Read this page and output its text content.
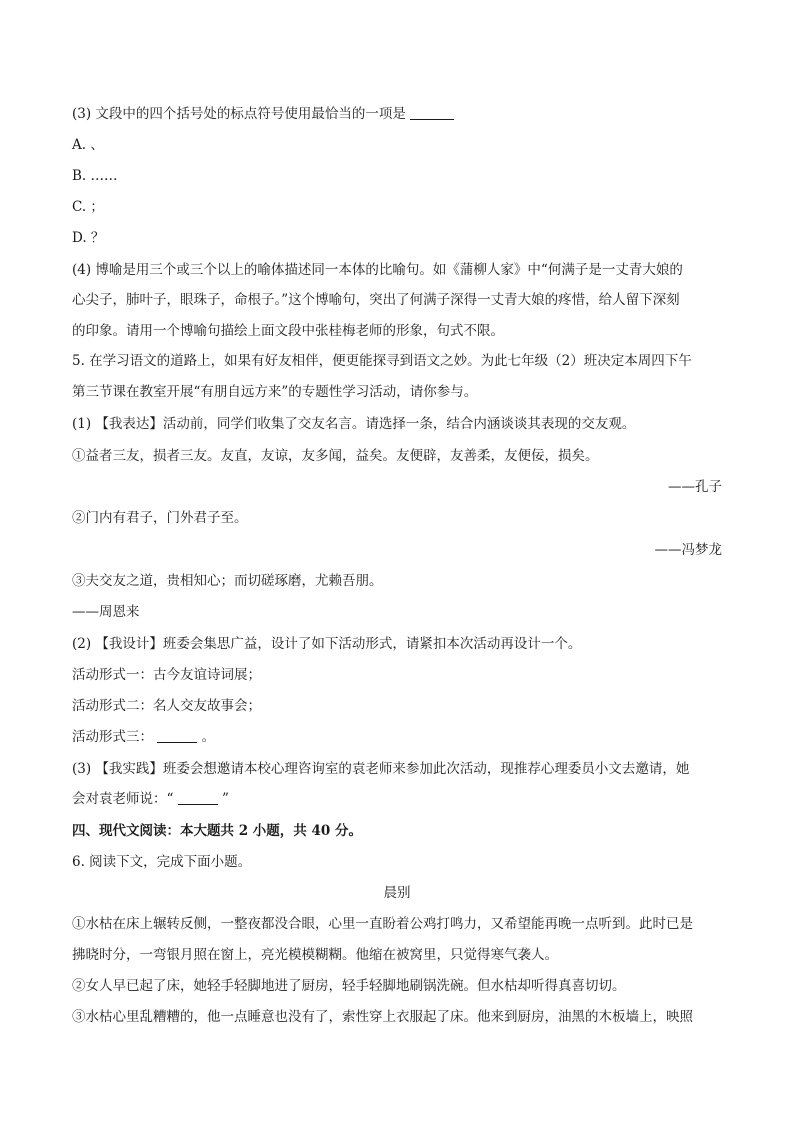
(3) 文段中的四个括号处的标点符号使用最恰当的一项是
A. 、
B. ……
C. ；
D. ？
(4) 博喻是用三个或三个以上的喻体描述同一本体的比喻句。如《蒲柳人家》中“何满子是一丈青大娘的
心尖子，肺叶子，眼珠子，命根子。”这个博喻句，突出了何满子深得一丈青大娘的疼惜，给人留下深刻
的印象。请用一个博喻句描绘上面文段中张桂梅老师的形象，句式不限。
5. 在学习语文的道路上，如果有好友相伴，便更能探寻到语文之妙。为此七年级（2）班决定本周四下午
第三节课在教室开展“有朋自远方来”的专题性学习活动，请你参与。
(1) 【我表达】活动前，同学们收集了交友名言。请选择一条，结合内涵谈谈其表现的交友观。
①益者三友，损者三友。友直，友谅，友多闻，益矣。友便辟，友善柔，友便佞，损矣。
——孔子
②门内有君子，门外君子至。
——冯梦龙
③夫交友之道，贵相知心；而切磋琢磨，尤赖吾朋。
——周恩来
(2) 【我设计】班委会集思广益，设计了如下活动形式，请紧扣本次活动再设计一个。
活动形式一：古今友谊诗词展；
活动形式二：名人交友故事会；
活动形式三：	。
(3) 【我实践】班委会想邀请本校心理咨询室的袁老师来参加此次活动，现推荐心理委员小文去邀请，她
会对袁老师说：“	”
四、现代文阅读：本大题共 2 小题，共 40 分。
6. 阅读下文，完成下面小题。
晨别
①水枯在床上辗转反侧，一整夜都没合眼，心里一直盼着公鸡打鸣力，又希望能再晚一点听到。此时已是
拂晓时分，一弯银月照在窗上，亮光模模糊糊。他缩在被窝里，只觉得寒气袭人。
②女人早已起了床，她轻手轻脚地进了厨房，轻手轻脚地刷锅洗碗。但水枯却听得真喜切切。
③水枯心里乱糟糟的，他一点睡意也没有了，索性穿上衣服起了床。他来到厨房，油黑的木板墙上，映照
